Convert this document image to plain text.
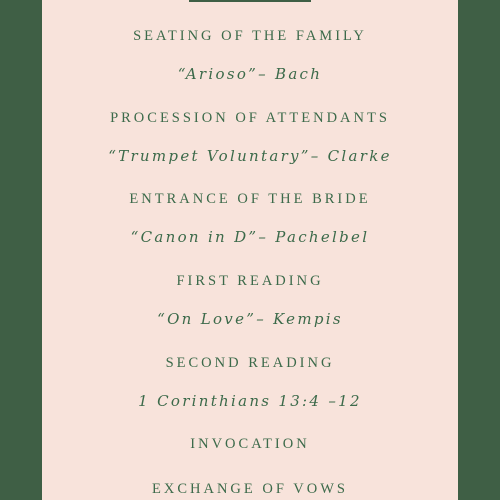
SEATING OF THE FAMILY
“Arioso”– Bach
PROCESSION OF ATTENDANTS
“Trumpet Voluntary”– Clarke
ENTRANCE OF THE BRIDE
“Canon in D”– Pachelbel
FIRST READING
“On Love”– Kempis
SECOND READING
1 Corinthians 13:4 –12
INVOCATION
EXCHANGE OF VOWS
